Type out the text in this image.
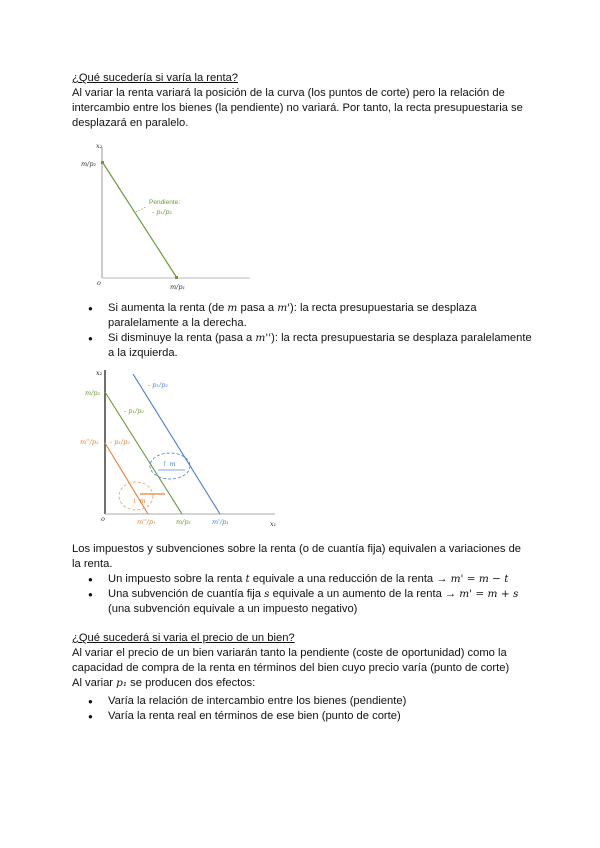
¿Qué sucedería si varía la renta?
Al variar la renta variará la posición de la curva (los puntos de corte) pero la relación de intercambio entre los bienes (la pendiente) no variará. Por tanto, la recta presupuestaria se desplazará en paralelo.
● Si aumenta la renta (de m pasa a m'): la recta presupuestaria se desplaza paralelamente a la derecha.
● Si disminuye la renta (pasa a m''): la recta presupuestaria se desplaza paralelamente a la izquierda.
x₂
o
m/p₂
m/p₁
Pendiente:
- p₁/p₂
↑ m
↓ m
x₂
o
x₁
m/p₂
- p₁/p₂
- p₁/p₂
m''/p₂ - p₁/p₂
m''/p₁	m/p₁	m'/p₁
Los impuestos y subvenciones sobre la renta (o de cuantía fija) equivalen a variaciones de la renta.
● Un impuesto sobre la renta t equivale a una reducción de la renta → m' = m − t
● Una subvención de cuantía fija s equivale a un aumento de la renta → m' = m + s
(una subvención equivale a un impuesto negativo)
¿Qué sucederá si varia el precio de un bien?
Al variar el precio de un bien variarán tanto la pendiente (coste de oportunidad) como la capacidad de compra de la renta en términos del bien cuyo precio varía (punto de corte)
Al variar p₁ se producen dos efectos:
● Varía la relación de intercambio entre los bienes (pendiente)
● Varía la renta real en términos de ese bien (punto de corte)
